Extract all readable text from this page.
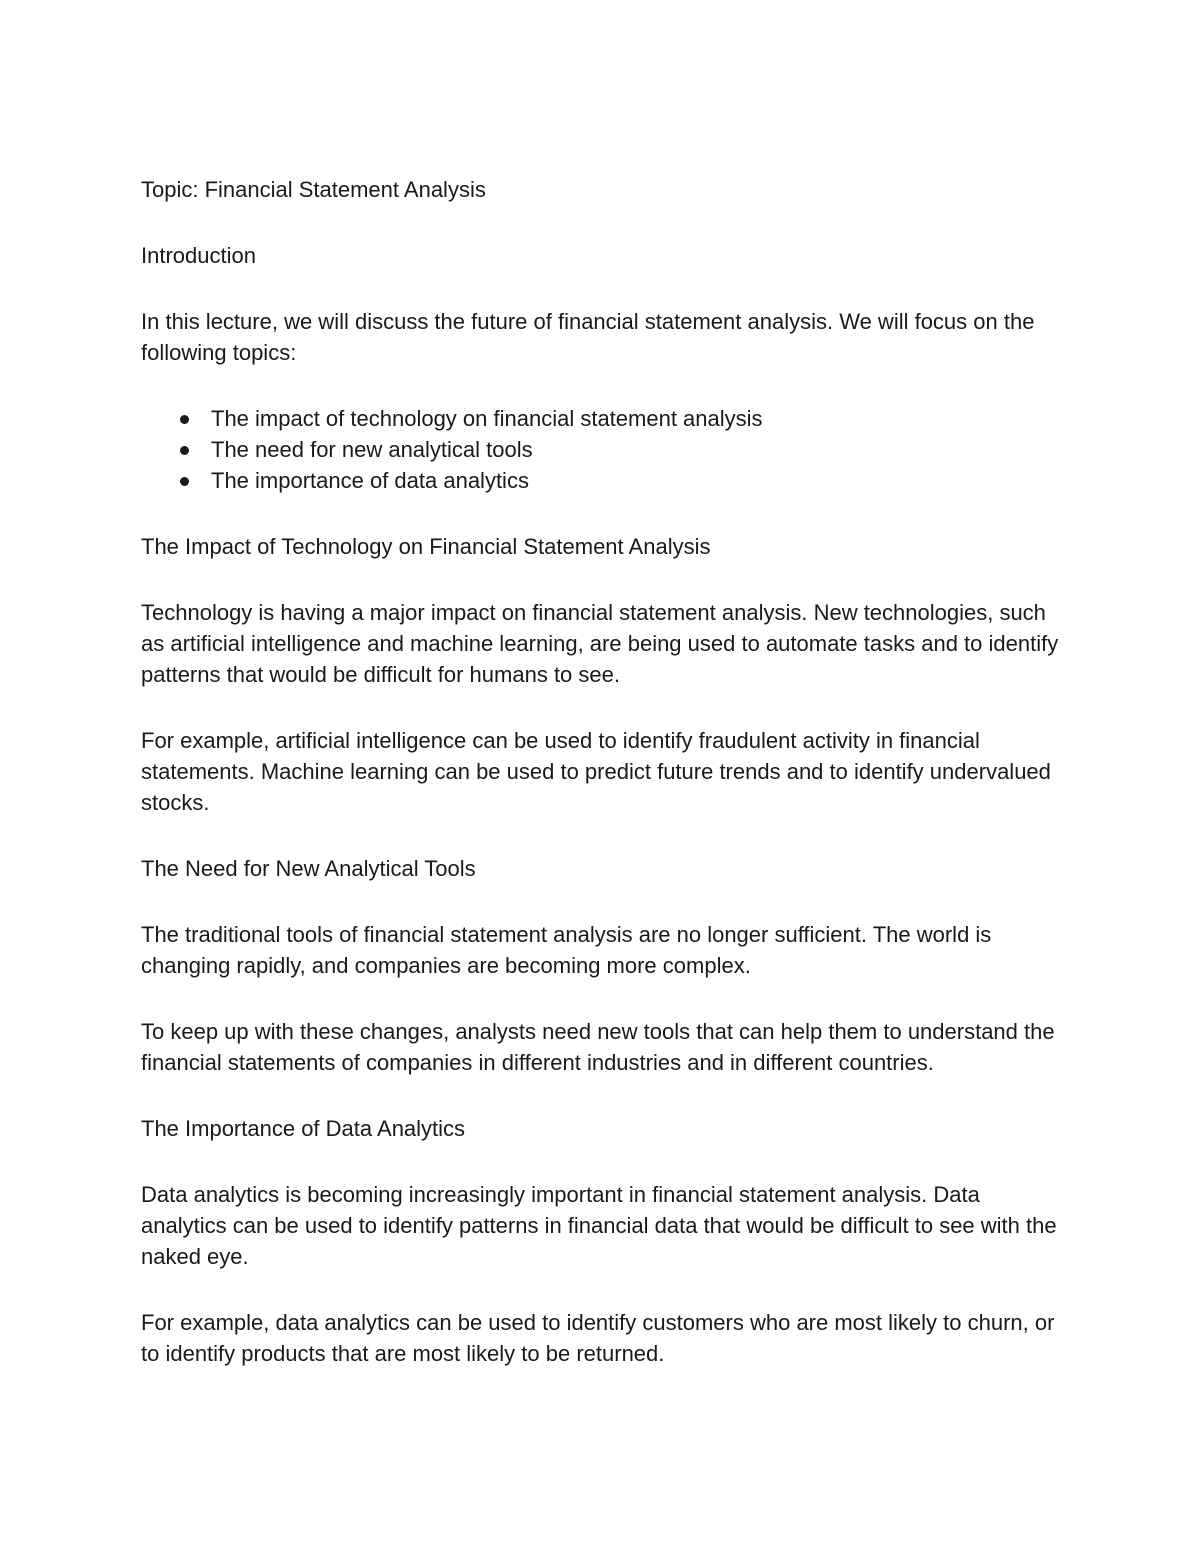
Topic: Financial Statement Analysis

Introduction

In this lecture, we will discuss the future of financial statement analysis. We will focus on the following topics:

The impact of technology on financial statement analysis
The need for new analytical tools
The importance of data analytics

The Impact of Technology on Financial Statement Analysis

Technology is having a major impact on financial statement analysis. New technologies, such as artificial intelligence and machine learning, are being used to automate tasks and to identify patterns that would be difficult for humans to see.

For example, artificial intelligence can be used to identify fraudulent activity in financial statements. Machine learning can be used to predict future trends and to identify undervalued stocks.

The Need for New Analytical Tools

The traditional tools of financial statement analysis are no longer sufficient. The world is changing rapidly, and companies are becoming more complex.

To keep up with these changes, analysts need new tools that can help them to understand the financial statements of companies in different industries and in different countries.

The Importance of Data Analytics

Data analytics is becoming increasingly important in financial statement analysis. Data analytics can be used to identify patterns in financial data that would be difficult to see with the naked eye.

For example, data analytics can be used to identify customers who are most likely to churn, or to identify products that are most likely to be returned.
